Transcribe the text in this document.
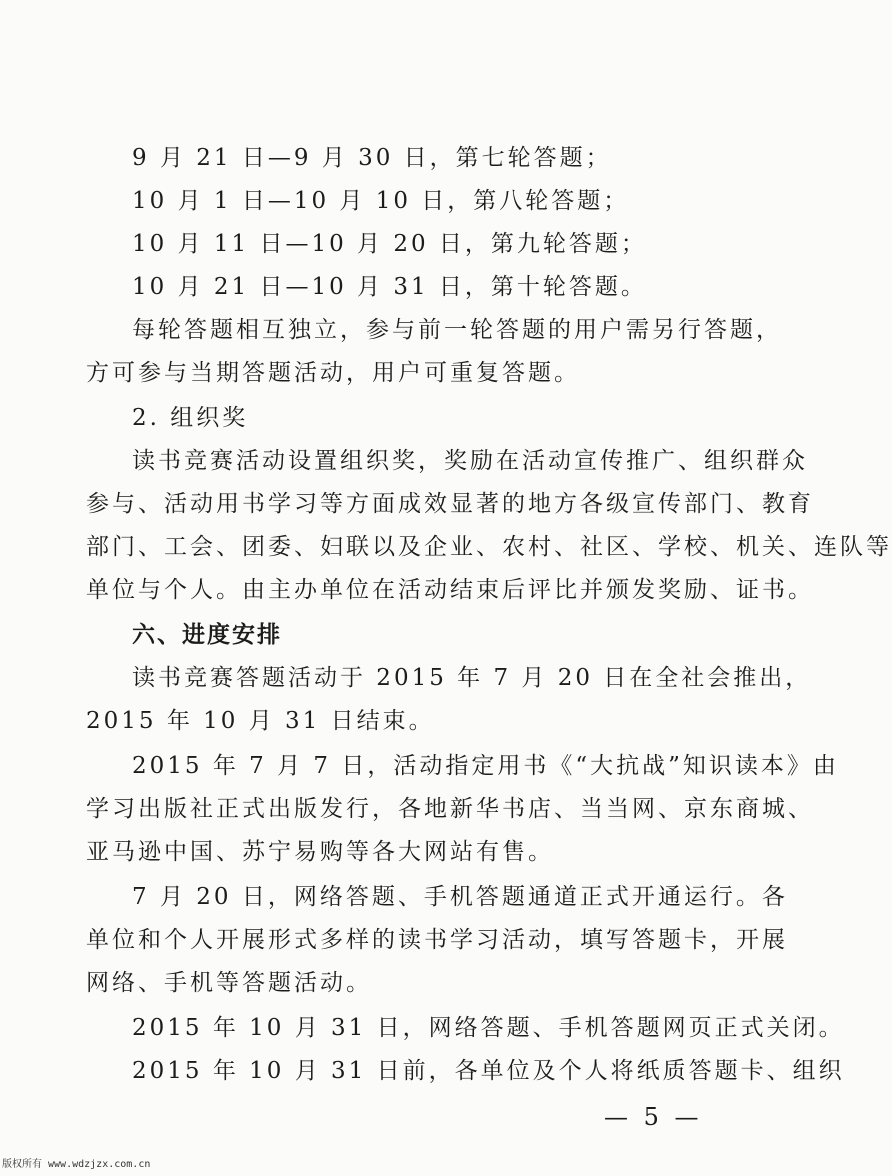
9 月 21 日—9 月 30 日，第七轮答题；
10 月 1 日—10 月 10 日，第八轮答题；
10 月 11 日—10 月 20 日，第九轮答题；
10 月 21 日—10 月 31 日，第十轮答题。
每轮答题相互独立，参与前一轮答题的用户需另行答题，
方可参与当期答题活动，用户可重复答题。
2. 组织奖
读书竞赛活动设置组织奖，奖励在活动宣传推广、组织群众
参与、活动用书学习等方面成效显著的地方各级宣传部门、教育
部门、工会、团委、妇联以及企业、农村、社区、学校、机关、连队等
单位与个人。由主办单位在活动结束后评比并颁发奖励、证书。
六、进度安排
读书竞赛答题活动于 2015 年 7 月 20 日在全社会推出，
2015 年 10 月 31 日结束。
2015 年 7 月 7 日，活动指定用书《“大抗战”知识读本》由
学习出版社正式出版发行，各地新华书店、当当网、京东商城、
亚马逊中国、苏宁易购等各大网站有售。
7 月 20 日，网络答题、手机答题通道正式开通运行。各
单位和个人开展形式多样的读书学习活动，填写答题卡，开展
网络、手机等答题活动。
2015 年 10 月 31 日，网络答题、手机答题网页正式关闭。
2015 年 10 月 31 日前，各单位及个人将纸质答题卡、组织
— 5 —
版权所有 www.wdzjzx.com.cn
